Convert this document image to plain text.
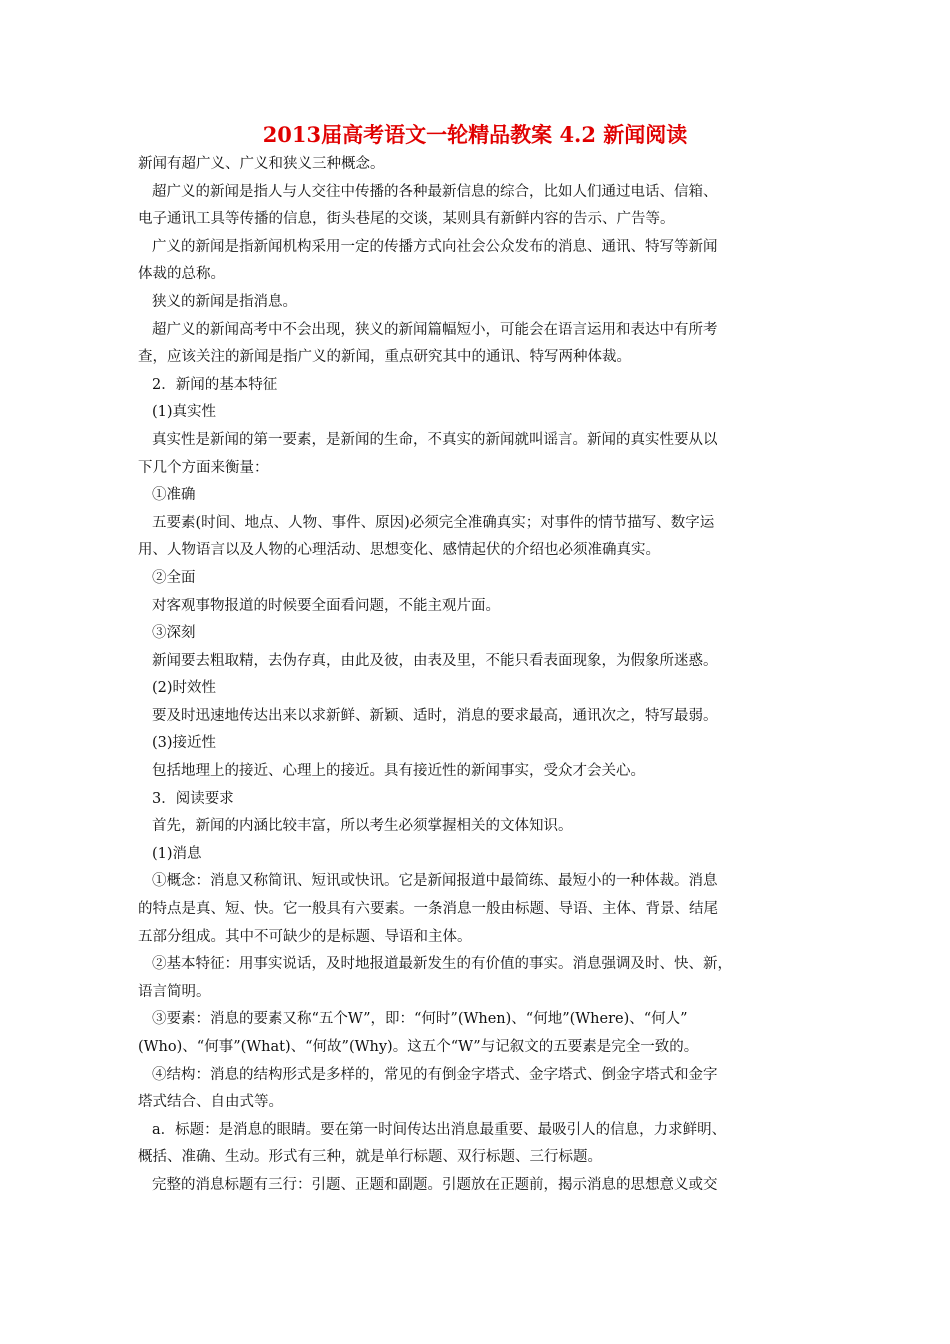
2013届高考语文一轮精品教案 4.2 新闻阅读
新闻有超广义、广义和狭义三种概念。
超广义的新闻是指人与人交往中传播的各种最新信息的综合，比如人们通过电话、信箱、
电子通讯工具等传播的信息，街头巷尾的交谈，某则具有新鲜内容的告示、广告等。
广义的新闻是指新闻机构采用一定的传播方式向社会公众发布的消息、通讯、特写等新闻
体裁的总称。
狭义的新闻是指消息。
超广义的新闻高考中不会出现，狭义的新闻篇幅短小，可能会在语言运用和表达中有所考
查，应该关注的新闻是指广义的新闻，重点研究其中的通讯、特写两种体裁。
2．新闻的基本特征
(1)真实性
真实性是新闻的第一要素，是新闻的生命，不真实的新闻就叫谣言。新闻的真实性要从以
下几个方面来衡量：
①准确
五要素(时间、地点、人物、事件、原因)必须完全准确真实；对事件的情节描写、数字运
用、人物语言以及人物的心理活动、思想变化、感情起伏的介绍也必须准确真实。
②全面
对客观事物报道的时候要全面看问题，不能主观片面。
③深刻
新闻要去粗取精，去伪存真，由此及彼，由表及里，不能只看表面现象，为假象所迷惑。
(2)时效性
要及时迅速地传达出来以求新鲜、新颖、适时，消息的要求最高，通讯次之，特写最弱。
(3)接近性
包括地理上的接近、心理上的接近。具有接近性的新闻事实，受众才会关心。
3．阅读要求
首先，新闻的内涵比较丰富，所以考生必须掌握相关的文体知识。
(1)消息
①概念：消息又称简讯、短讯或快讯。它是新闻报道中最简练、最短小的一种体裁。消息
的特点是真、短、快。它一般具有六要素。一条消息一般由标题、导语、主体、背景、结尾
五部分组成。其中不可缺少的是标题、导语和主体。
②基本特征：用事实说话，及时地报道最新发生的有价值的事实。消息强调及时、快、新，
语言简明。
③要素：消息的要素又称“五个W”，即：“何时”(When)、“何地”(Where)、“何人”
(Who)、“何事”(What)、“何故”(Why)。这五个“W”与记叙文的五要素是完全一致的。
④结构：消息的结构形式是多样的，常见的有倒金字塔式、金字塔式、倒金字塔式和金字
塔式结合、自由式等。
a．标题：是消息的眼睛。要在第一时间传达出消息最重要、最吸引人的信息，力求鲜明、
概括、准确、生动。形式有三种，就是单行标题、双行标题、三行标题。
完整的消息标题有三行：引题、正题和副题。引题放在正题前，揭示消息的思想意义或交
